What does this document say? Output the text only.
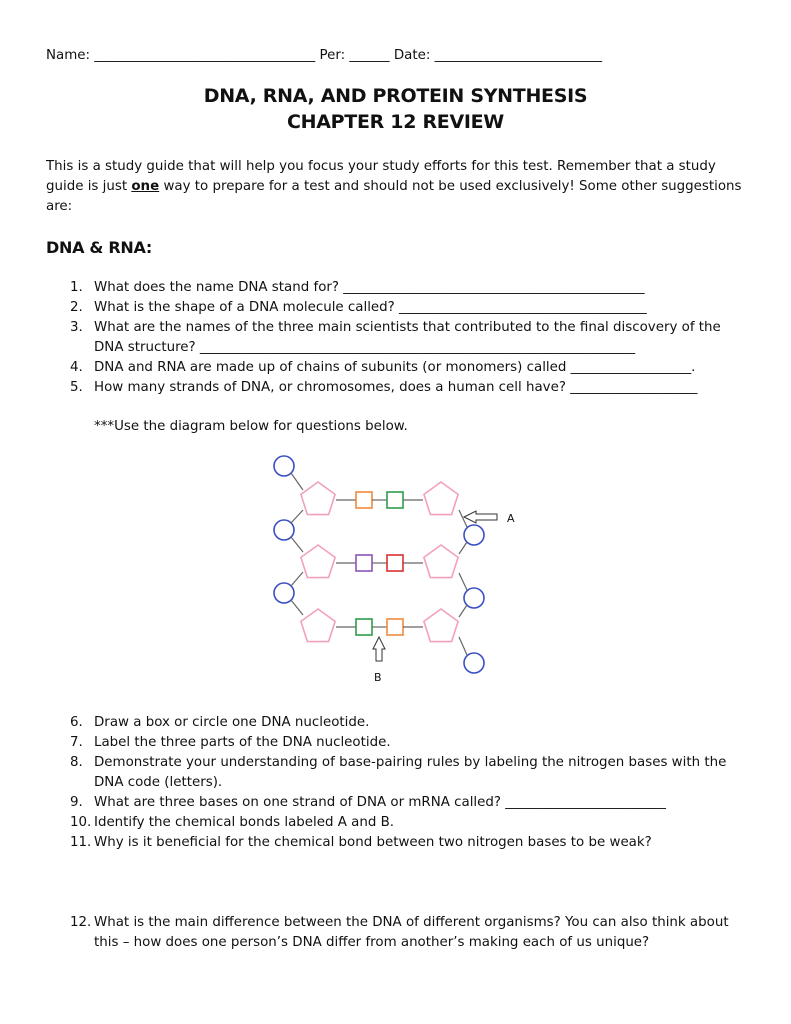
Name: _________________________________ Per: ______ Date: _________________________
DNA, RNA, AND PROTEIN SYNTHESIS
CHAPTER 12 REVIEW
This is a study guide that will help you focus your study efforts for this test. Remember that a study
guide is just one way to prepare for a test and should not be used exclusively! Some other suggestions
are:
DNA & RNA:
1. What does the name DNA stand for? _____________________________________________
2. What is the shape of a DNA molecule called? _____________________________________
3. What are the names of the three main scientists that contributed to the final discovery of the
DNA structure? _________________________________________________________________
4. DNA and RNA are made up of chains of subunits (or monomers) called __________________.
5. How many strands of DNA, or chromosomes, does a human cell have? ___________________
***Use the diagram below for questions below.
A
B
6. Draw a box or circle one DNA nucleotide.
7. Label the three parts of the DNA nucleotide.
8. Demonstrate your understanding of base-pairing rules by labeling the nitrogen bases with the
DNA code (letters).
9. What are three bases on one strand of DNA or mRNA called? ________________________
10. Identify the chemical bonds labeled A and B.
11. Why is it beneficial for the chemical bond between two nitrogen bases to be weak?
12. What is the main difference between the DNA of different organisms? You can also think about
this – how does one person’s DNA differ from another’s making each of us unique?
